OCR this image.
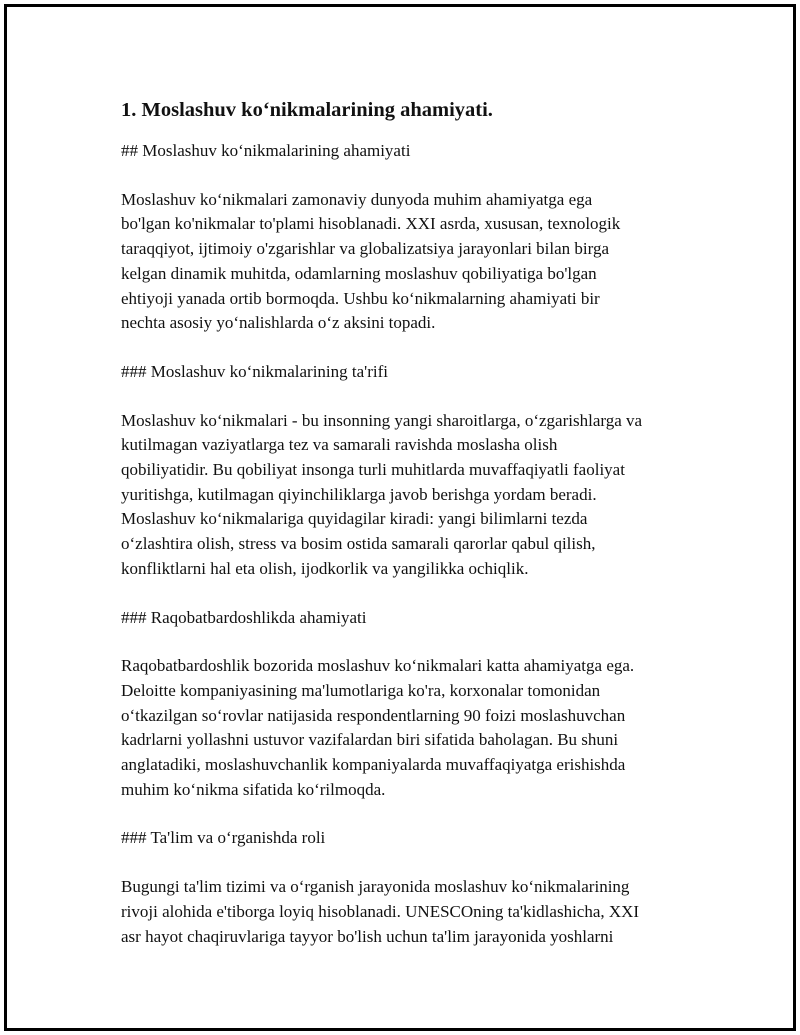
1. Moslashuv ko‘nikmalarining ahamiyati.
## Moslashuv ko‘nikmalarining ahamiyati
Moslashuv ko‘nikmalari zamonaviy dunyoda muhim ahamiyatga ega
bo'lgan ko'nikmalar to'plami hisoblanadi. XXI asrda, xususan, texnologik
taraqqiyot, ijtimoiy o'zgarishlar va globalizatsiya jarayonlari bilan birga
kelgan dinamik muhitda, odamlarning moslashuv qobiliyatiga bo'lgan
ehtiyoji yanada ortib bormoqda. Ushbu ko‘nikmalarning ahamiyati bir
nechta asosiy yo‘nalishlarda o‘z aksini topadi.
### Moslashuv ko‘nikmalarining ta'rifi
Moslashuv ko‘nikmalari - bu insonning yangi sharoitlarga, o‘zgarishlarga va
kutilmagan vaziyatlarga tez va samarali ravishda moslasha olish
qobiliyatidir. Bu qobiliyat insonga turli muhitlarda muvaffaqiyatli faoliyat
yuritishga, kutilmagan qiyinchiliklarga javob berishga yordam beradi.
Moslashuv ko‘nikmalariga quyidagilar kiradi: yangi bilimlarni tezda
o‘zlashtira olish, stress va bosim ostida samarali qarorlar qabul qilish,
konfliktlarni hal eta olish, ijodkorlik va yangilikka ochiqlik.
### Raqobatbardoshlikda ahamiyati
Raqobatbardoshlik bozorida moslashuv ko‘nikmalari katta ahamiyatga ega.
Deloitte kompaniyasining ma'lumotlariga ko'ra, korxonalar tomonidan
o‘tkazilgan so‘rovlar natijasida respondentlarning 90 foizi moslashuvchan
kadrlarni yollashni ustuvor vazifalardan biri sifatida baholagan. Bu shuni
anglatadiki, moslashuvchanlik kompaniyalarda muvaffaqiyatga erishishda
muhim ko‘nikma sifatida ko‘rilmoqda.
### Ta'lim va o‘rganishda roli
Bugungi ta'lim tizimi va o‘rganish jarayonida moslashuv ko‘nikmalarining
rivoji alohida e'tiborga loyiq hisoblanadi. UNESCOning ta'kidlashicha, XXI
asr hayot chaqiruvlariga tayyor bo'lish uchun ta'lim jarayonida yoshlarni
